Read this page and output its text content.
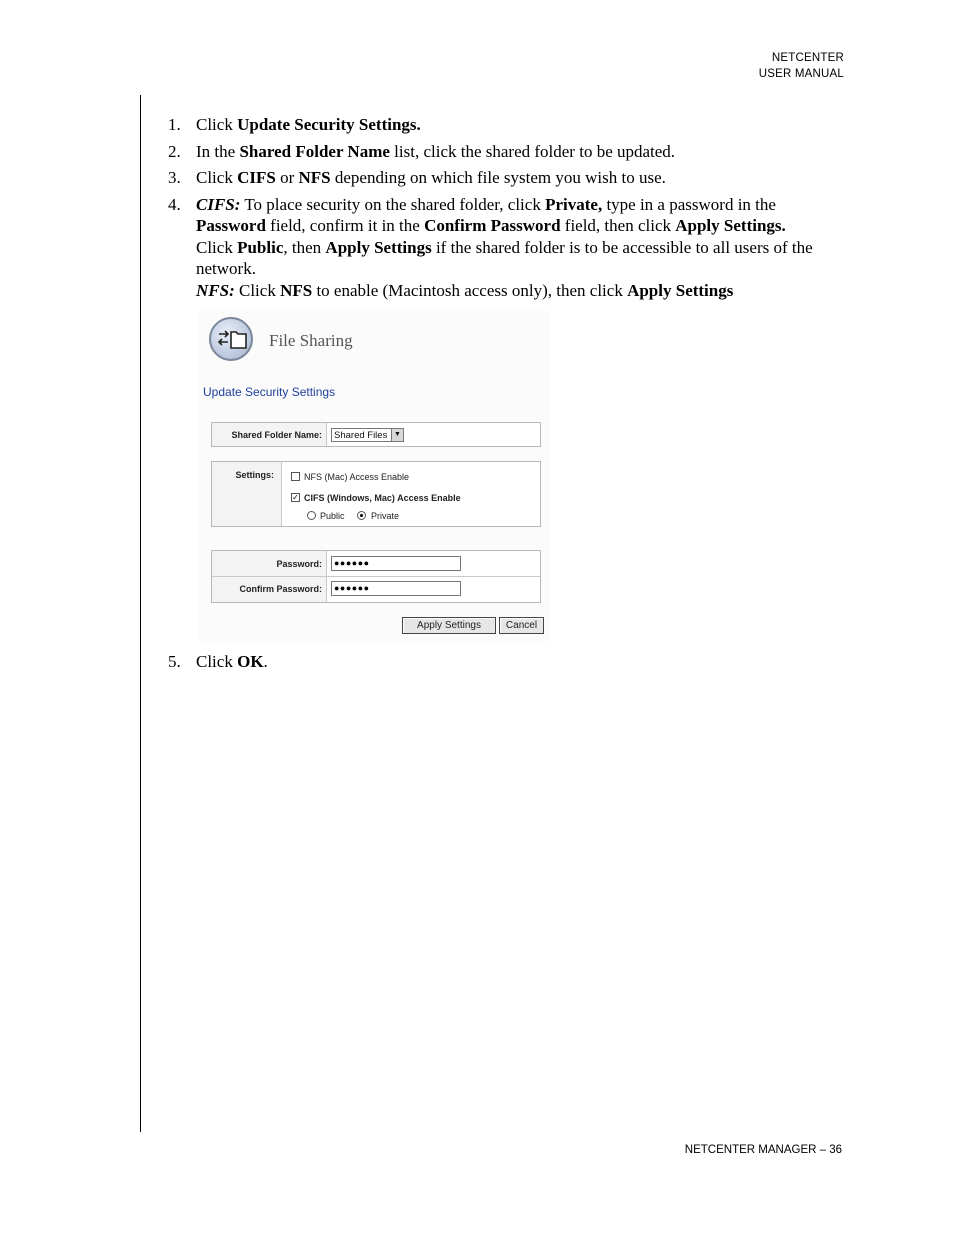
NETCENTER
USER MANUAL
1. Click Update Security Settings.
2. In the Shared Folder Name list, click the shared folder to be updated.
3. Click CIFS or NFS depending on which file system you wish to use.
4. CIFS: To place security on the shared folder, click Private, type in a password in the Password field, confirm it in the Confirm Password field, then click Apply Settings.
Click Public, then Apply Settings if the shared folder is to be accessible to all users of the network.
NFS: Click NFS to enable (Macintosh access only), then click Apply Settings
File Sharing
Update Security Settings
Shared Folder Name:	Shared Files ▼
Settings:	NFS (Mac) Access Enable
✓ CIFS (Windows, Mac) Access Enable
Public	Private
Password:	●●●●●●
Confirm Password:	●●●●●●
Apply Settings	Cancel
5. Click OK.
NETCENTER MANAGER – 36
